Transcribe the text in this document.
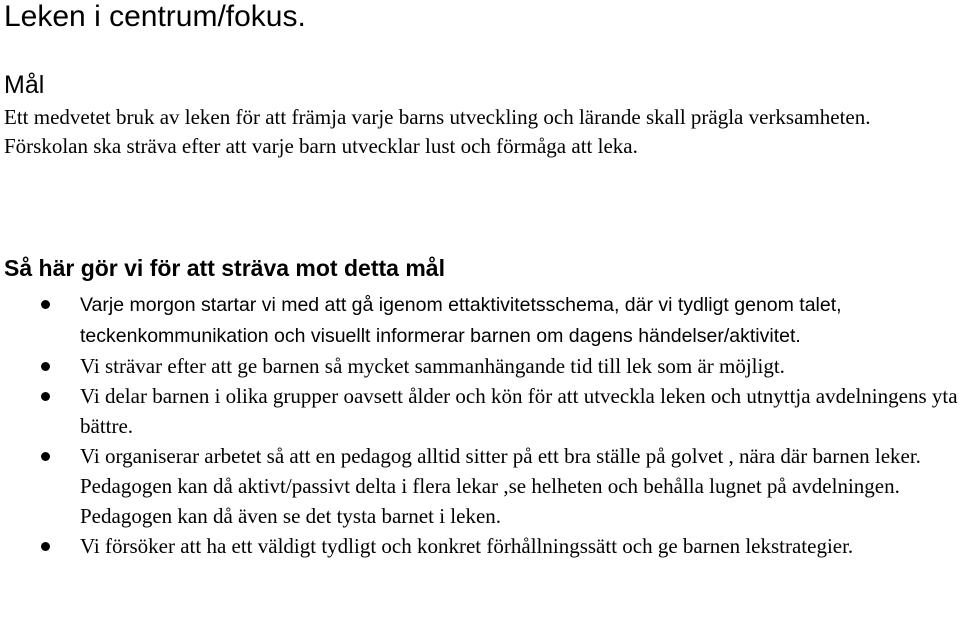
Leken i centrum/fokus.
Mål

Ett medvetet bruk av leken för att främja varje barns utveckling och lärande skall prägla verksamheten.

Förskolan ska sträva efter att varje barn utvecklar lust och förmåga att leka.

Så här gör vi för att sträva mot detta mål
Varje morgon startar vi med att gå igenom ettaktivitetsschema, där vi tydligt genom talet, teckenkommunikation och visuellt informerar barnen om dagens händelser/aktivitet.
Vi strävar efter att ge barnen så mycket sammanhängande tid till lek som är möjligt.
Vi delar barnen i olika grupper oavsett ålder och kön för att utveckla leken och utnyttja avdelningens yta bättre.
Vi organiserar arbetet så att en pedagog alltid sitter på ett bra ställe på golvet , nära där barnen leker. Pedagogen kan då aktivt/passivt delta i flera lekar ,se helheten och behålla lugnet på avdelningen. Pedagogen kan då även se det tysta barnet i leken.
Vi försöker att ha ett väldigt tydligt och konkret förhållningssätt och ge barnen lekstrategier.
